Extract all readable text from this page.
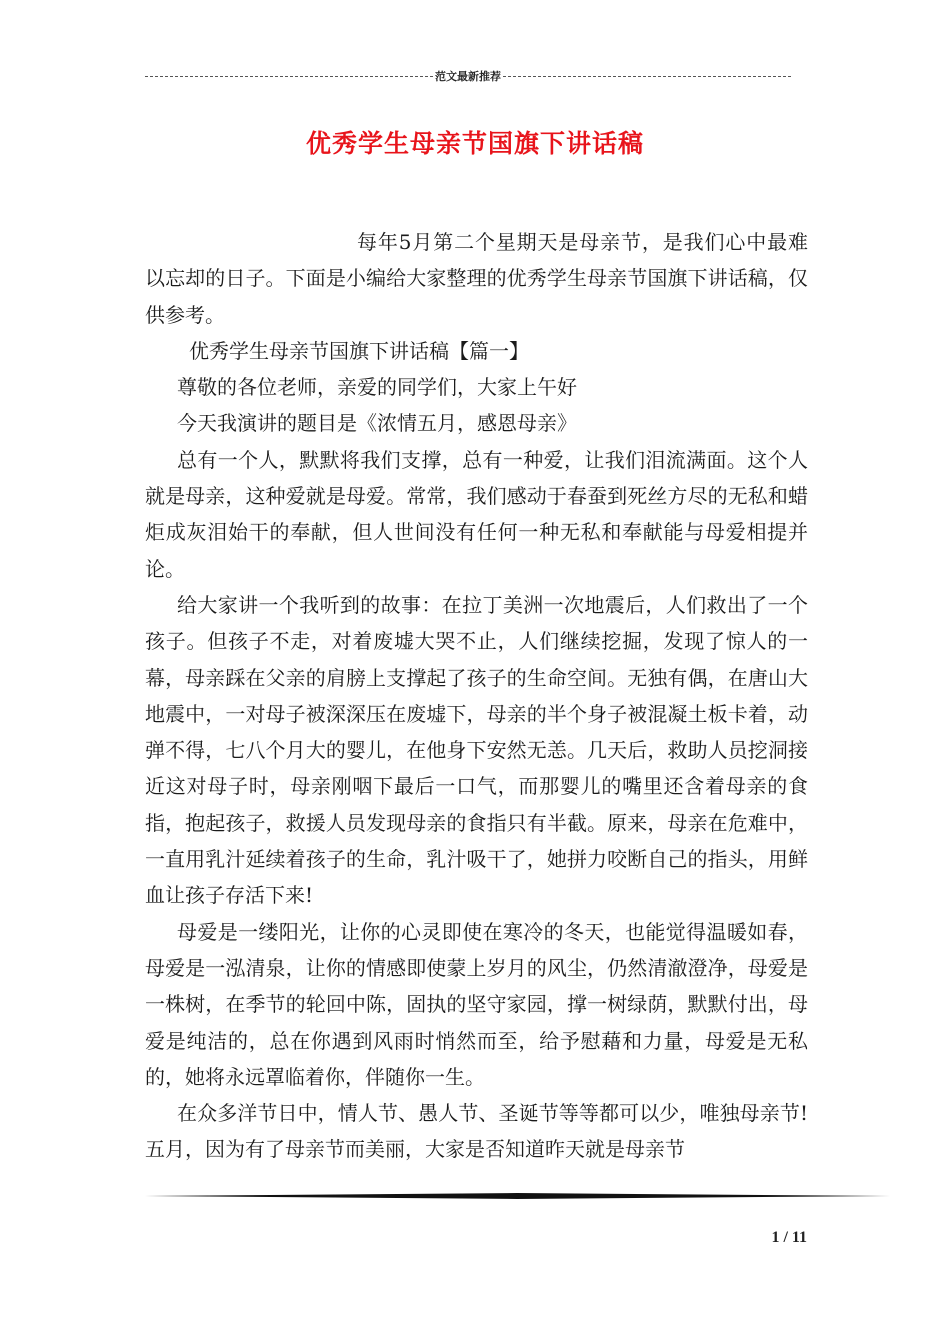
范文最新推荐
优秀学生母亲节国旗下讲话稿

每年5月第二个星期天是母亲节，是我们心中最难以忘却的日子。下面是小编给大家整理的优秀学生母亲节国旗下讲话稿，仅供参考。

优秀学生母亲节国旗下讲话稿【篇一】

尊敬的各位老师，亲爱的同学们，大家上午好

今天我演讲的题目是《浓情五月，感恩母亲》

总有一个人，默默将我们支撑，总有一种爱，让我们泪流满面。这个人就是母亲，这种爱就是母爱。常常，我们感动于春蚕到死丝方尽的无私和蜡炬成灰泪始干的奉献，但人世间没有任何一种无私和奉献能与母爱相提并论。

给大家讲一个我听到的故事：在拉丁美洲一次地震后，人们救出了一个孩子。但孩子不走，对着废墟大哭不止，人们继续挖掘，发现了惊人的一幕，母亲踩在父亲的肩膀上支撑起了孩子的生命空间。无独有偶，在唐山大地震中，一对母子被深深压在废墟下，母亲的半个身子被混凝土板卡着，动弹不得，七八个月大的婴儿，在他身下安然无恙。几天后，救助人员挖洞接近这对母子时，母亲刚咽下最后一口气，而那婴儿的嘴里还含着母亲的食指，抱起孩子，救援人员发现母亲的食指只有半截。原来，母亲在危难中，一直用乳汁延续着孩子的生命，乳汁吸干了，她拼力咬断自己的指头，用鲜血让孩子存活下来!

母爱是一缕阳光，让你的心灵即使在寒冷的冬天，也能觉得温暖如春，母爱是一泓清泉，让你的情感即使蒙上岁月的风尘，仍然清澈澄净，母爱是一株树，在季节的轮回中陈，固执的坚守家园，撑一树绿荫，默默付出，母爱是纯洁的，总在你遇到风雨时悄然而至，给予慰藉和力量，母爱是无私的，她将永远罩临着你，伴随你一生。

在众多洋节日中，情人节、愚人节、圣诞节等等都可以少，唯独母亲节!五月，因为有了母亲节而美丽，大家是否知道昨天就是母亲节

1 / 11
